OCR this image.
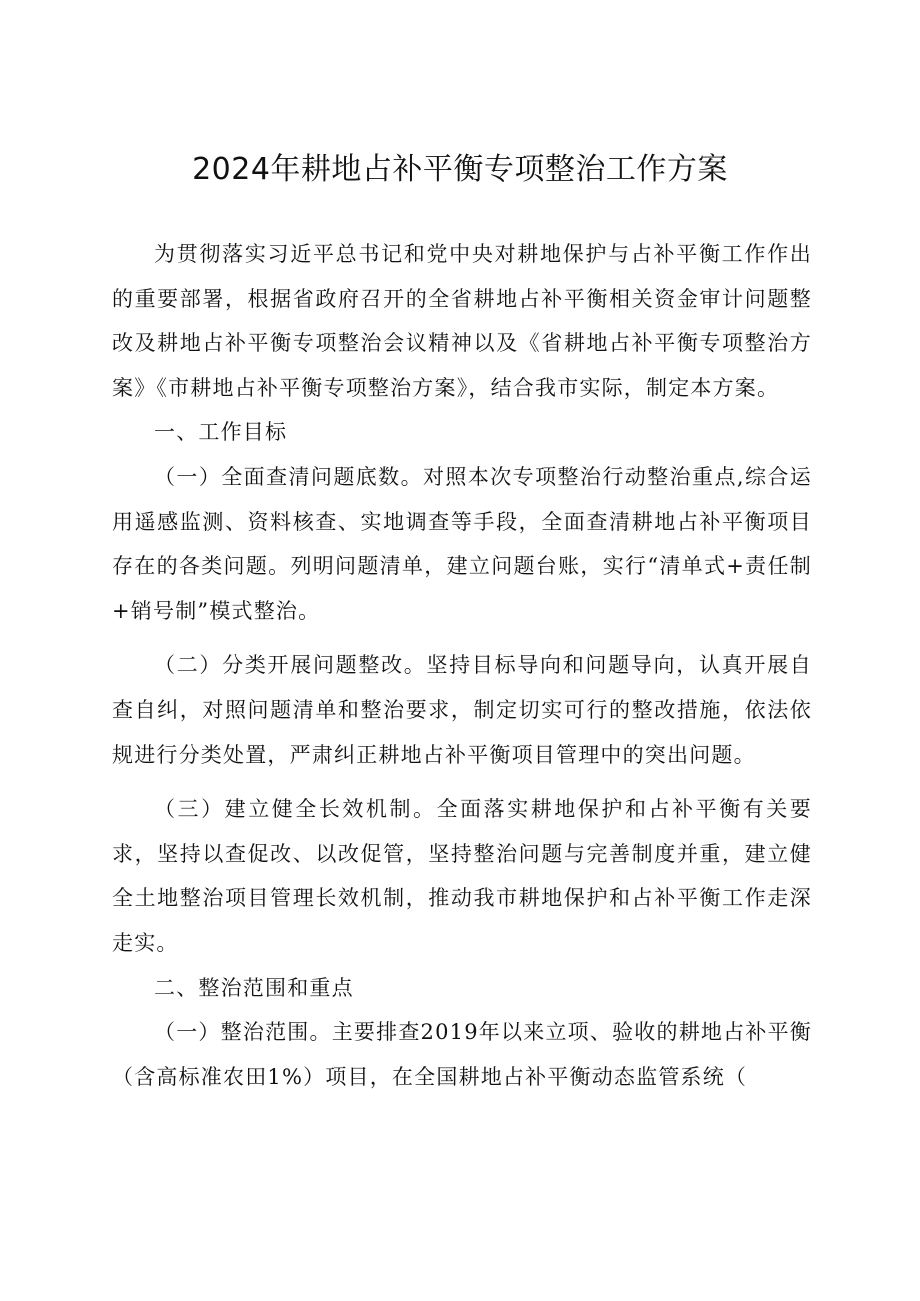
2024年耕地占补平衡专项整治工作方案

为贯彻落实习近平总书记和党中央对耕地保护与占补平衡工作作出的重要部署，根据省政府召开的全省耕地占补平衡相关资金审计问题整改及耕地占补平衡专项整治会议精神以及《省耕地占补平衡专项整治方案》《市耕地占补平衡专项整治方案》，结合我市实际，制定本方案。

一、工作目标

（一）全面查清问题底数。对照本次专项整治行动整治重点,综合运用遥感监测、资料核查、实地调查等手段，全面查清耕地占补平衡项目存在的各类问题。列明问题清单，建立问题台账，实行“清单式+责任制+销号制”模式整治。

（二）分类开展问题整改。坚持目标导向和问题导向，认真开展自查自纠，对照问题清单和整治要求，制定切实可行的整改措施，依法依规进行分类处置，严肃纠正耕地占补平衡项目管理中的突出问题。

（三）建立健全长效机制。全面落实耕地保护和占补平衡有关要求，坚持以查促改、以改促管，坚持整治问题与完善制度并重，建立健全土地整治项目管理长效机制，推动我市耕地保护和占补平衡工作走深走实。

二、整治范围和重点

（一）整治范围。主要排查2019年以来立项、验收的耕地占补平衡（含高标准农田1%）项目，在全国耕地占补平衡动态监管系统（
